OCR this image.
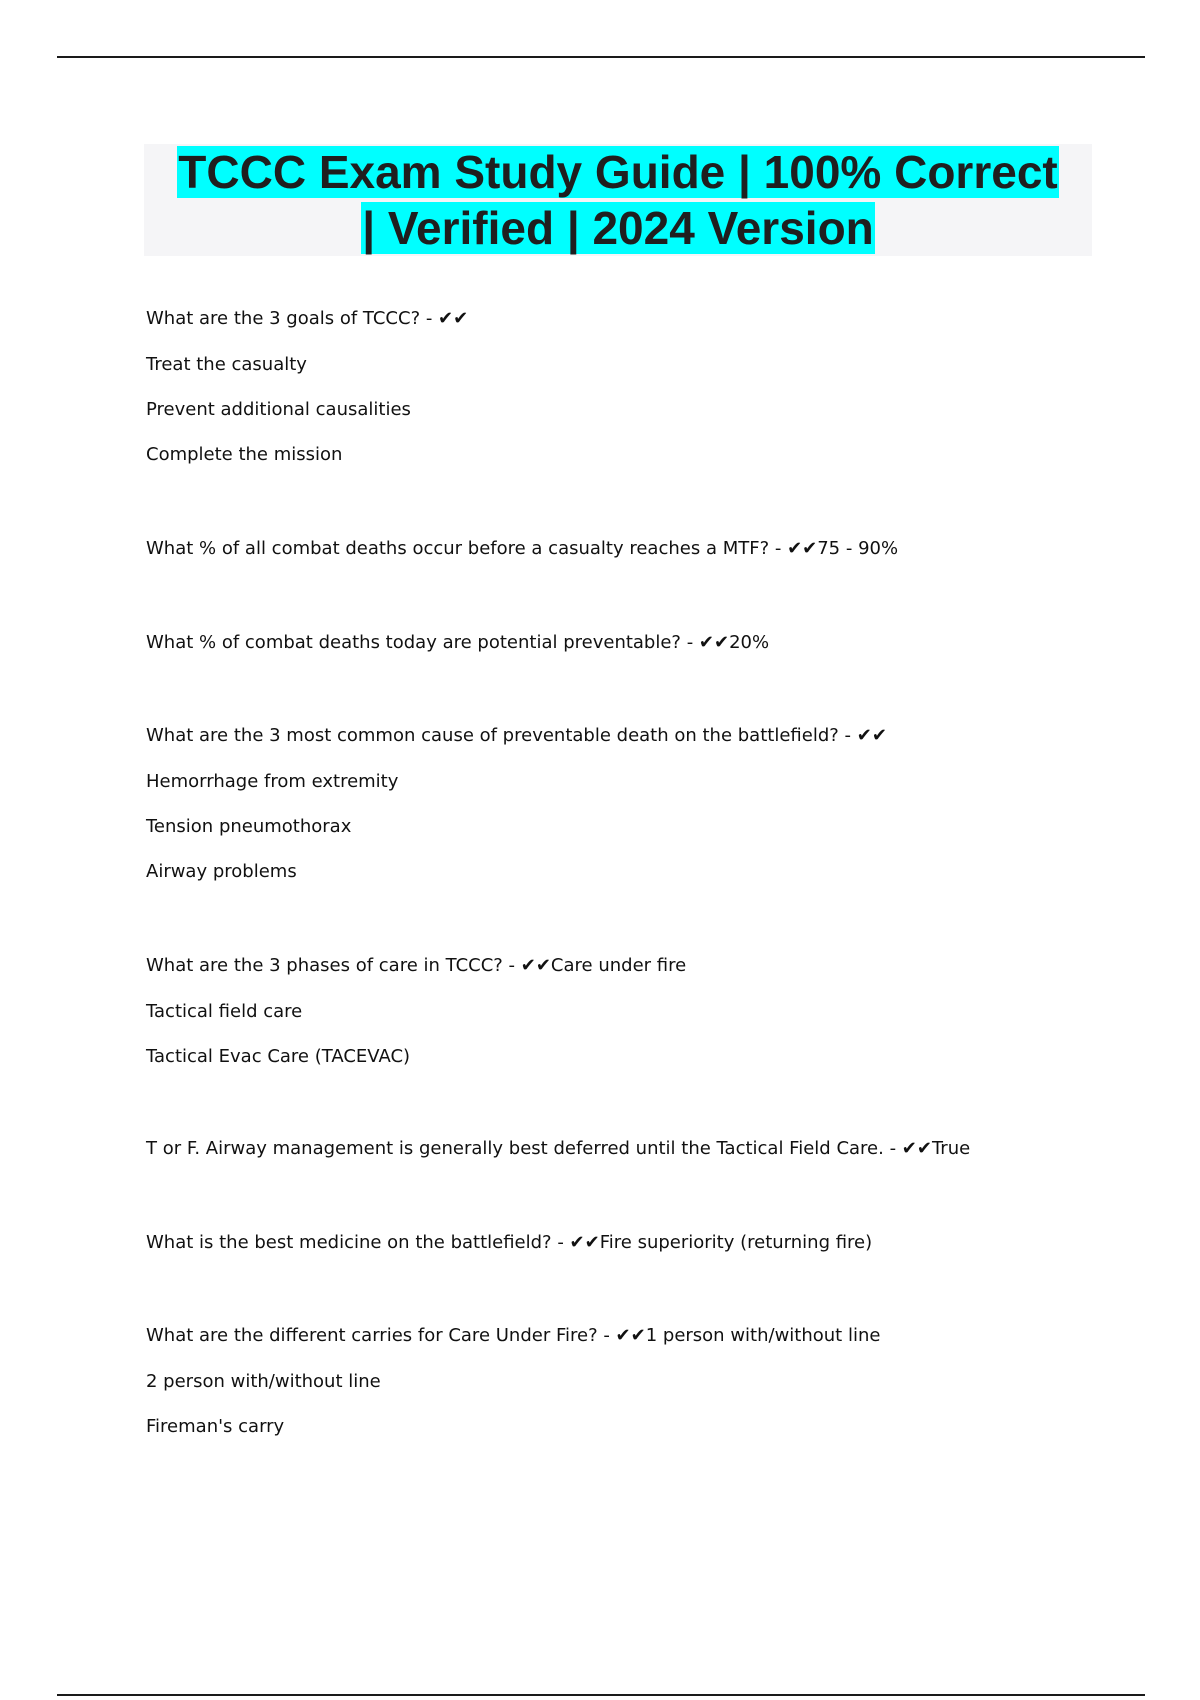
TCCC Exam Study Guide | 100% Correct
| Verified | 2024 Version
What are the 3 goals of TCCC? - ✔✔
Treat the casualty
Prevent additional causalities
Complete the mission
What % of all combat deaths occur before a casualty reaches a MTF? - ✔✔75 - 90%
What % of combat deaths today are potential preventable? - ✔✔20%
What are the 3 most common cause of preventable death on the battlefield? - ✔✔
Hemorrhage from extremity
Tension pneumothorax
Airway problems
What are the 3 phases of care in TCCC? - ✔✔Care under fire
Tactical field care
Tactical Evac Care (TACEVAC)
T or F. Airway management is generally best deferred until the Tactical Field Care. - ✔✔True
What is the best medicine on the battlefield? - ✔✔Fire superiority (returning fire)
What are the different carries for Care Under Fire? - ✔✔1 person with/without line
2 person with/without line
Fireman's carry
